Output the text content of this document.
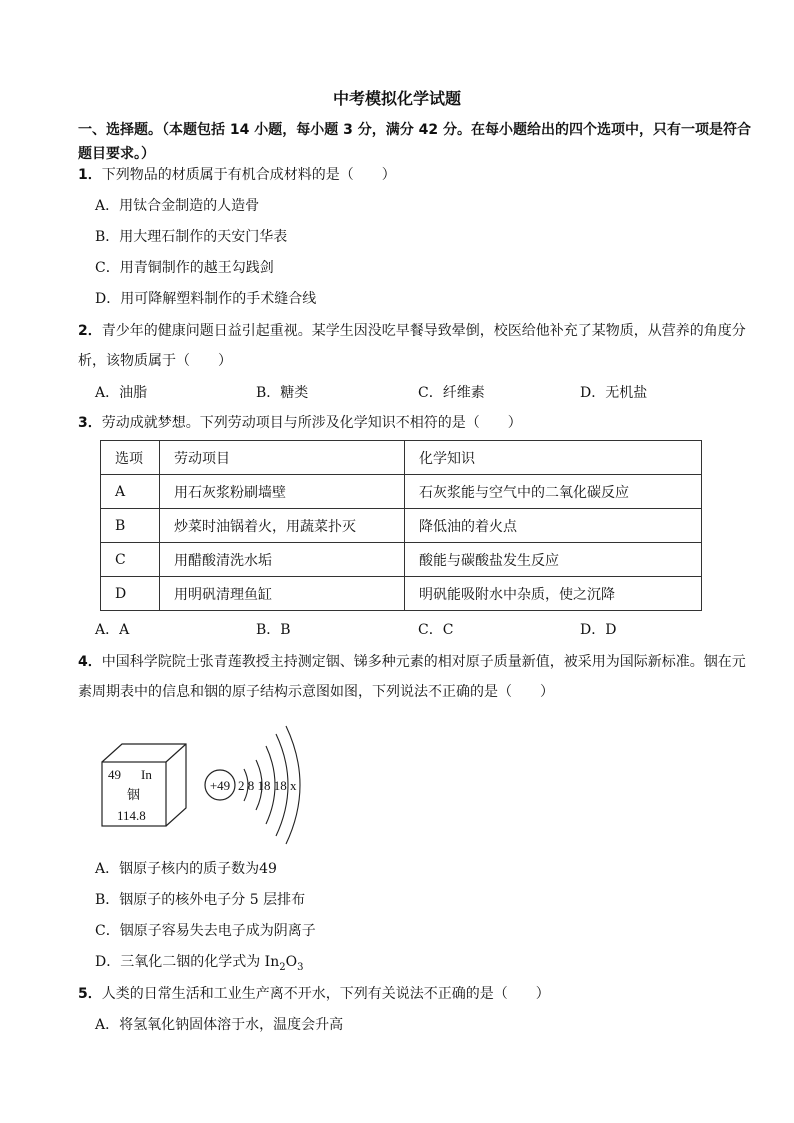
中考模拟化学试题
一、选择题。（本题包括 14 小题，每小题 3 分，满分 42 分。在每小题给出的四个选项中，只有一项是符合题目要求。）
1．下列物品的材质属于有机合成材料的是（　　）
A．用钛合金制造的人造骨
B．用大理石制作的天安门华表
C．用青铜制作的越王勾践剑
D．用可降解塑料制作的手术缝合线
2．青少年的健康问题日益引起重视。某学生因没吃早餐导致晕倒，校医给他补充了某物质，从营养的角度分析，该物质属于（　　）
A．油脂	B．糖类	C．纤维素	D．无机盐
3．劳动成就梦想。下列劳动项目与所涉及化学知识不相符的是（　　）
选项	劳动项目	化学知识
A	用石灰浆粉刷墙壁	石灰浆能与空气中的二氧化碳反应
B	炒菜时油锅着火，用蔬菜扑灭	降低油的着火点
C	用醋酸清洗水垢	酸能与碳酸盐发生反应
D	用明矾清理鱼缸	明矾能吸附水中杂质，使之沉降
A．A	B．B	C．C	D．D
4．中国科学院院士张青莲教授主持测定铟、锑多种元素的相对原子质量新值，被采用为国际新标准。铟在元素周期表中的信息和铟的原子结构示意图如图，下列说法不正确的是（　　）
49 In
铟
114.8
+49 2 8 18 18 x
A．铟原子核内的质子数为49
B．铟原子的核外电子分 5 层排布
C．铟原子容易失去电子成为阴离子
D．三氧化二铟的化学式为 $In_2O_3$
5．人类的日常生活和工业生产离不开水，下列有关说法不正确的是（　　）
A．将氢氧化钠固体溶于水，温度会升高
